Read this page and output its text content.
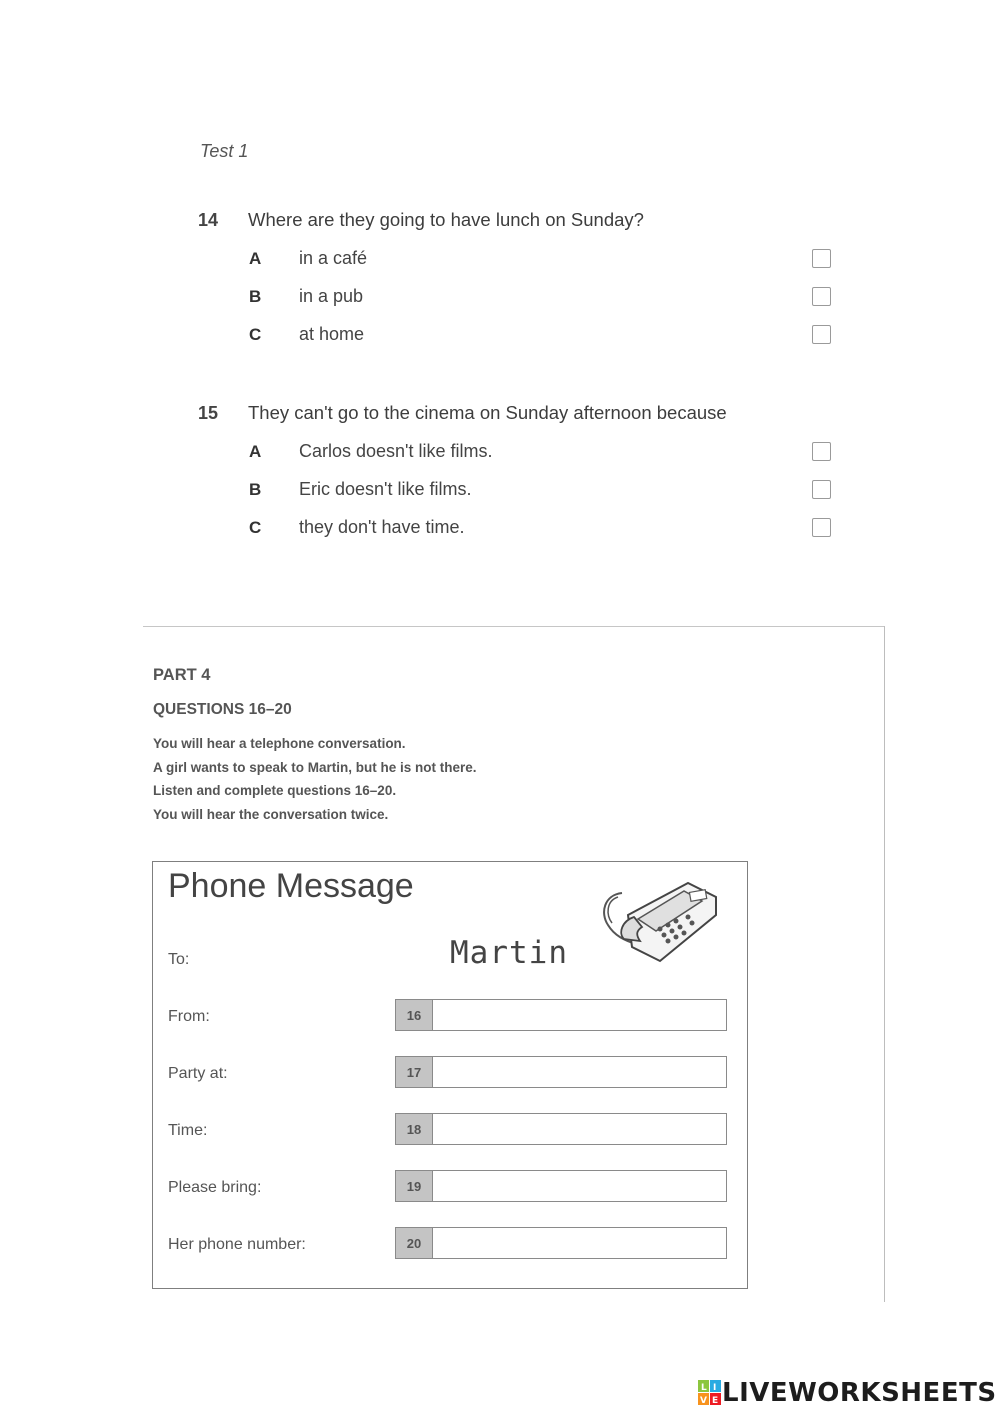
Test 1
14 Where are they going to have lunch on Sunday?
A in a café
B in a pub
C at home
15 They can't go to the cinema on Sunday afternoon because
A Carlos doesn't like films.
B Eric doesn't like films.
C they don't have time.
PART 4
QUESTIONS 16–20
You will hear a telephone conversation.
A girl wants to speak to Martin, but he is not there.
Listen and complete questions 16–20.
You will hear the conversation twice.
Phone Message
To:	Martin
From:	16
Party at:	17
Time:	18
Please bring:	19
Her phone number:	20
L I
V E LIVEWORKSHEETS
